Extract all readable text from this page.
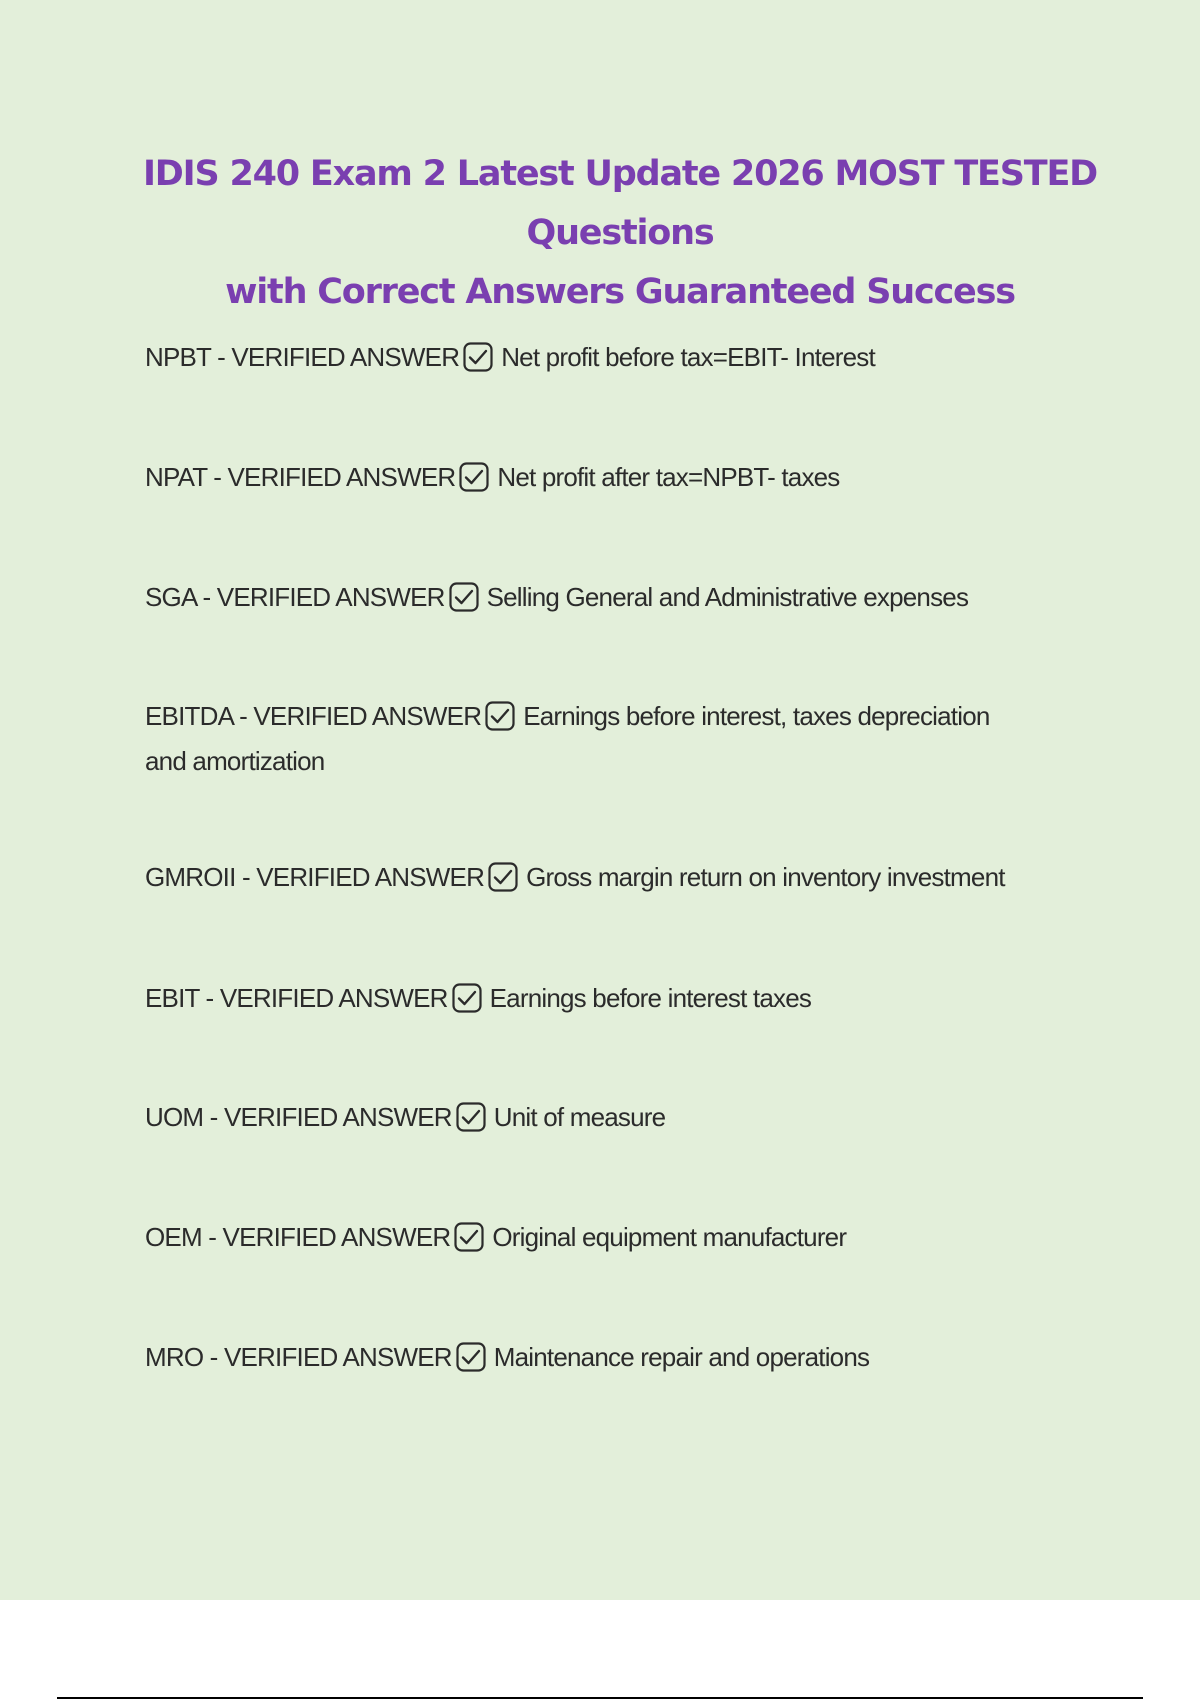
IDIS 240 Exam 2 Latest Update 2026 MOST TESTED Questions
with Correct Answers Guaranteed Success
NPBT - VERIFIED ANSWER Net profit before tax=EBIT- Interest
NPAT - VERIFIED ANSWER Net profit after tax=NPBT- taxes
SGA - VERIFIED ANSWER Selling General and Administrative expenses
EBITDA - VERIFIED ANSWER Earnings before interest, taxes depreciation and amortization
GMROII - VERIFIED ANSWER Gross margin return on inventory investment
EBIT - VERIFIED ANSWER Earnings before interest taxes
UOM - VERIFIED ANSWER Unit of measure
OEM - VERIFIED ANSWER Original equipment manufacturer
MRO - VERIFIED ANSWER Maintenance repair and operations
